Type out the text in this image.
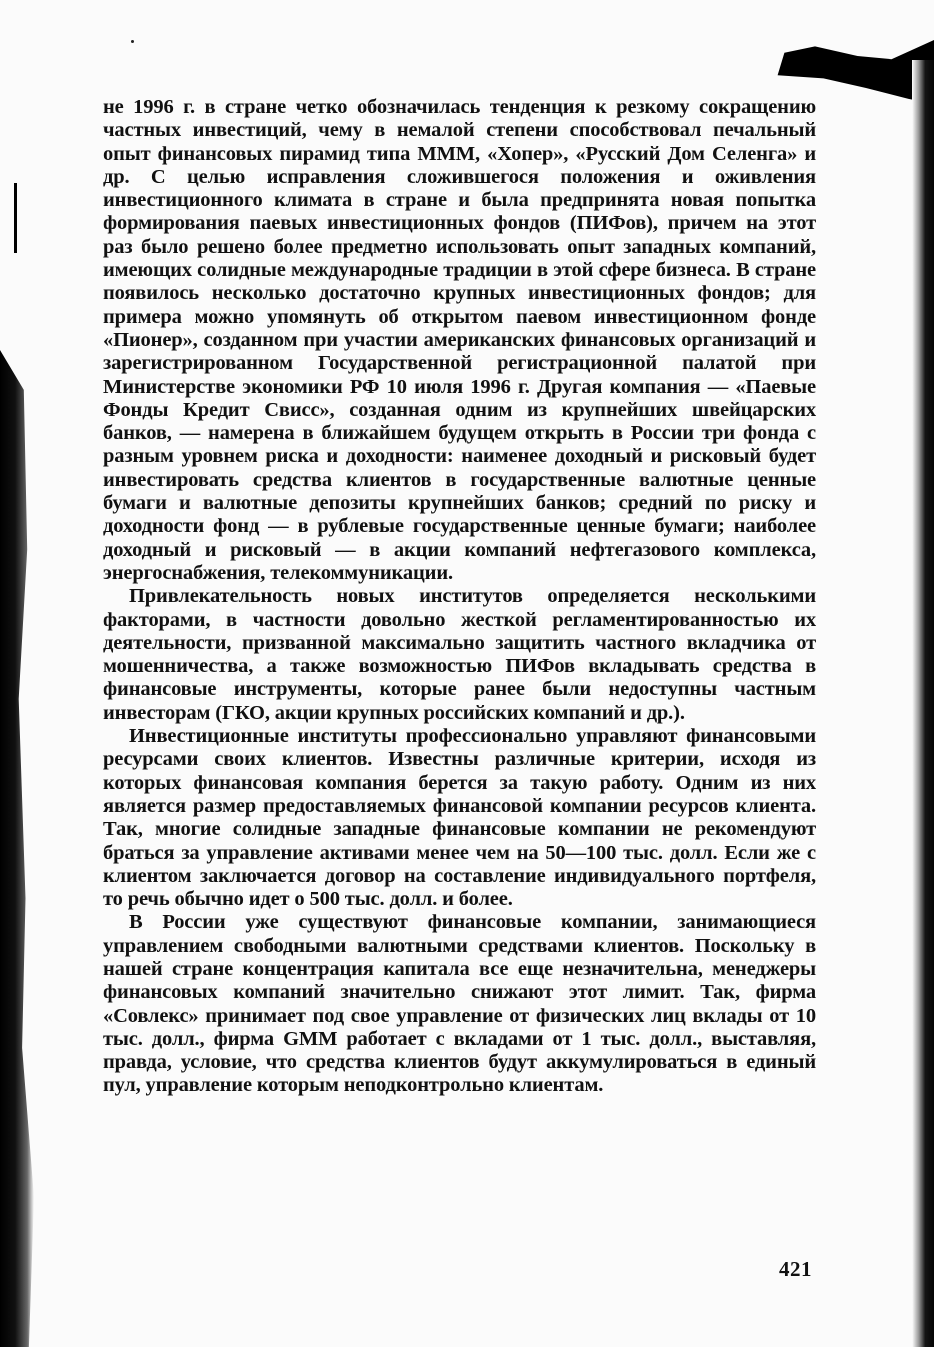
не 1996 г. в стране четко обозначилась тенденция к резкому сокращению частных инвестиций, чему в немалой степени способствовал печальный опыт финансовых пирамид типа МММ, «Хопер», «Русский Дом Селенга» и др. С целью исправления сложившегося положения и оживления инвестиционного климата в стране и была предпринята новая попытка формирования паевых инвестиционных фондов (ПИФов), причем на этот раз было решено более предметно использовать опыт западных компаний, имеющих солидные международные традиции в этой сфере бизнеса. В стране появилось несколько достаточно крупных инвестиционных фондов; для примера можно упомянуть об открытом паевом инвестиционном фонде «Пионер», созданном при участии американских финансовых организаций и зарегистрированном Государственной регистрационной палатой при Министерстве экономики РФ 10 июля 1996 г. Другая компания — «Паевые Фонды Кредит Свисс», созданная одним из крупнейших швейцарских банков, — намерена в ближайшем будущем открыть в России три фонда с разным уровнем риска и доходности: наименее доходный и рисковый будет инвестировать средства клиентов в государственные валютные ценные бумаги и валютные депозиты крупнейших банков; средний по риску и доходности фонд — в рублевые государственные ценные бумаги; наиболее доходный и рисковый — в акции компаний нефтегазового комплекса, энергоснабжения, телекоммуникации.

Привлекательность новых институтов определяется несколькими факторами, в частности довольно жесткой регламентированностью их деятельности, призванной максимально защитить частного вкладчика от мошенничества, а также возможностью ПИФов вкладывать средства в финансовые инструменты, которые ранее были недоступны частным инвесторам (ГКО, акции крупных российских компаний и др.).

Инвестиционные институты профессионально управляют финансовыми ресурсами своих клиентов. Известны различные критерии, исходя из которых финансовая компания берется за такую работу. Одним из них является размер предоставляемых финансовой компании ресурсов клиента. Так, многие солидные западные финансовые компании не рекомендуют браться за управление активами менее чем на 50—100 тыс. долл. Если же с клиентом заключается договор на составление индивидуального портфеля, то речь обычно идет о 500 тыс. долл. и более.

В России уже существуют финансовые компании, занимающиеся управлением свободными валютными средствами клиентов. Поскольку в нашей стране концентрация капитала все еще незначительна, менеджеры финансовых компаний значительно снижают этот лимит. Так, фирма «Совлекс» принимает под свое управление от физических лиц вклады от 10 тыс. долл., фирма GMM работает с вкладами от 1 тыс. долл., выставляя, правда, условие, что средства клиентов будут аккумулироваться в единый пул, управление которым неподконтрольно клиентам.

421
